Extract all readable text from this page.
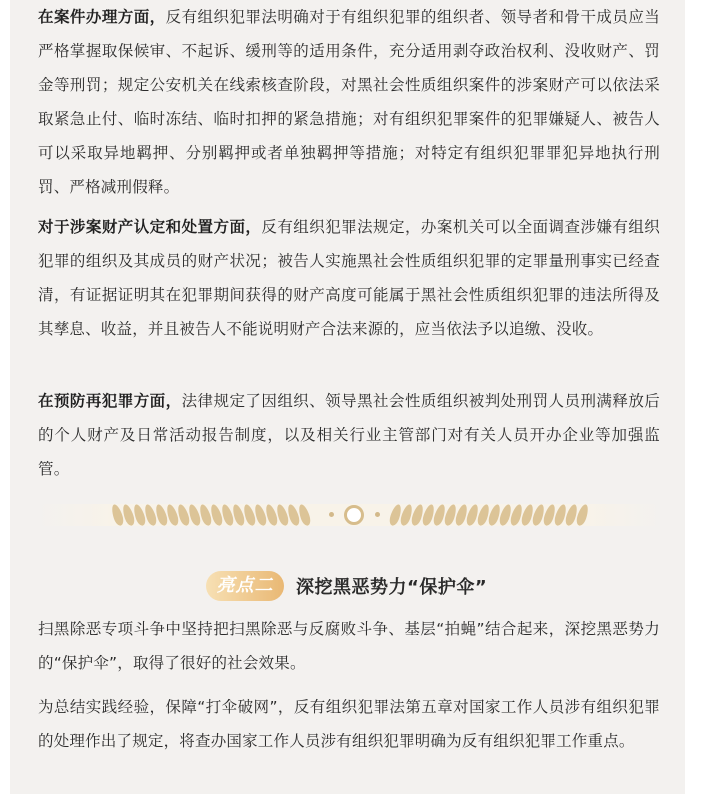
在案件办理方面，反有组织犯罪法明确对于有组织犯罪的组织者、领导者和骨干成员应当严格掌握取保候审、不起诉、缓刑等的适用条件，充分适用剥夺政治权利、没收财产、罚金等刑罚；规定公安机关在线索核查阶段，对黑社会性质组织案件的涉案财产可以依法采取紧急止付、临时冻结、临时扣押的紧急措施；对有组织犯罪案件的犯罪嫌疑人、被告人可以采取异地羁押、分别羁押或者单独羁押等措施；对特定有组织犯罪罪犯异地执行刑罚、严格减刑假释。
对于涉案财产认定和处置方面，反有组织犯罪法规定，办案机关可以全面调查涉嫌有组织犯罪的组织及其成员的财产状况；被告人实施黑社会性质组织犯罪的定罪量刑事实已经查清，有证据证明其在犯罪期间获得的财产高度可能属于黑社会性质组织犯罪的违法所得及其孳息、收益，并且被告人不能说明财产合法来源的，应当依法予以追缴、没收。
在预防再犯罪方面，法律规定了因组织、领导黑社会性质组织被判处刑罚人员刑满释放后的个人财产及日常活动报告制度，以及相关行业主管部门对有关人员开办企业等加强监管。
亮点二	深挖黑恶势力“保护伞”
扫黑除恶专项斗争中坚持把扫黑除恶与反腐败斗争、基层“拍蝇”结合起来，深挖黑恶势力的“保护伞”，取得了很好的社会效果。
为总结实践经验，保障“打伞破网”，反有组织犯罪法第五章对国家工作人员涉有组织犯罪的处理作出了规定，将查办国家工作人员涉有组织犯罪明确为反有组织犯罪工作重点。
